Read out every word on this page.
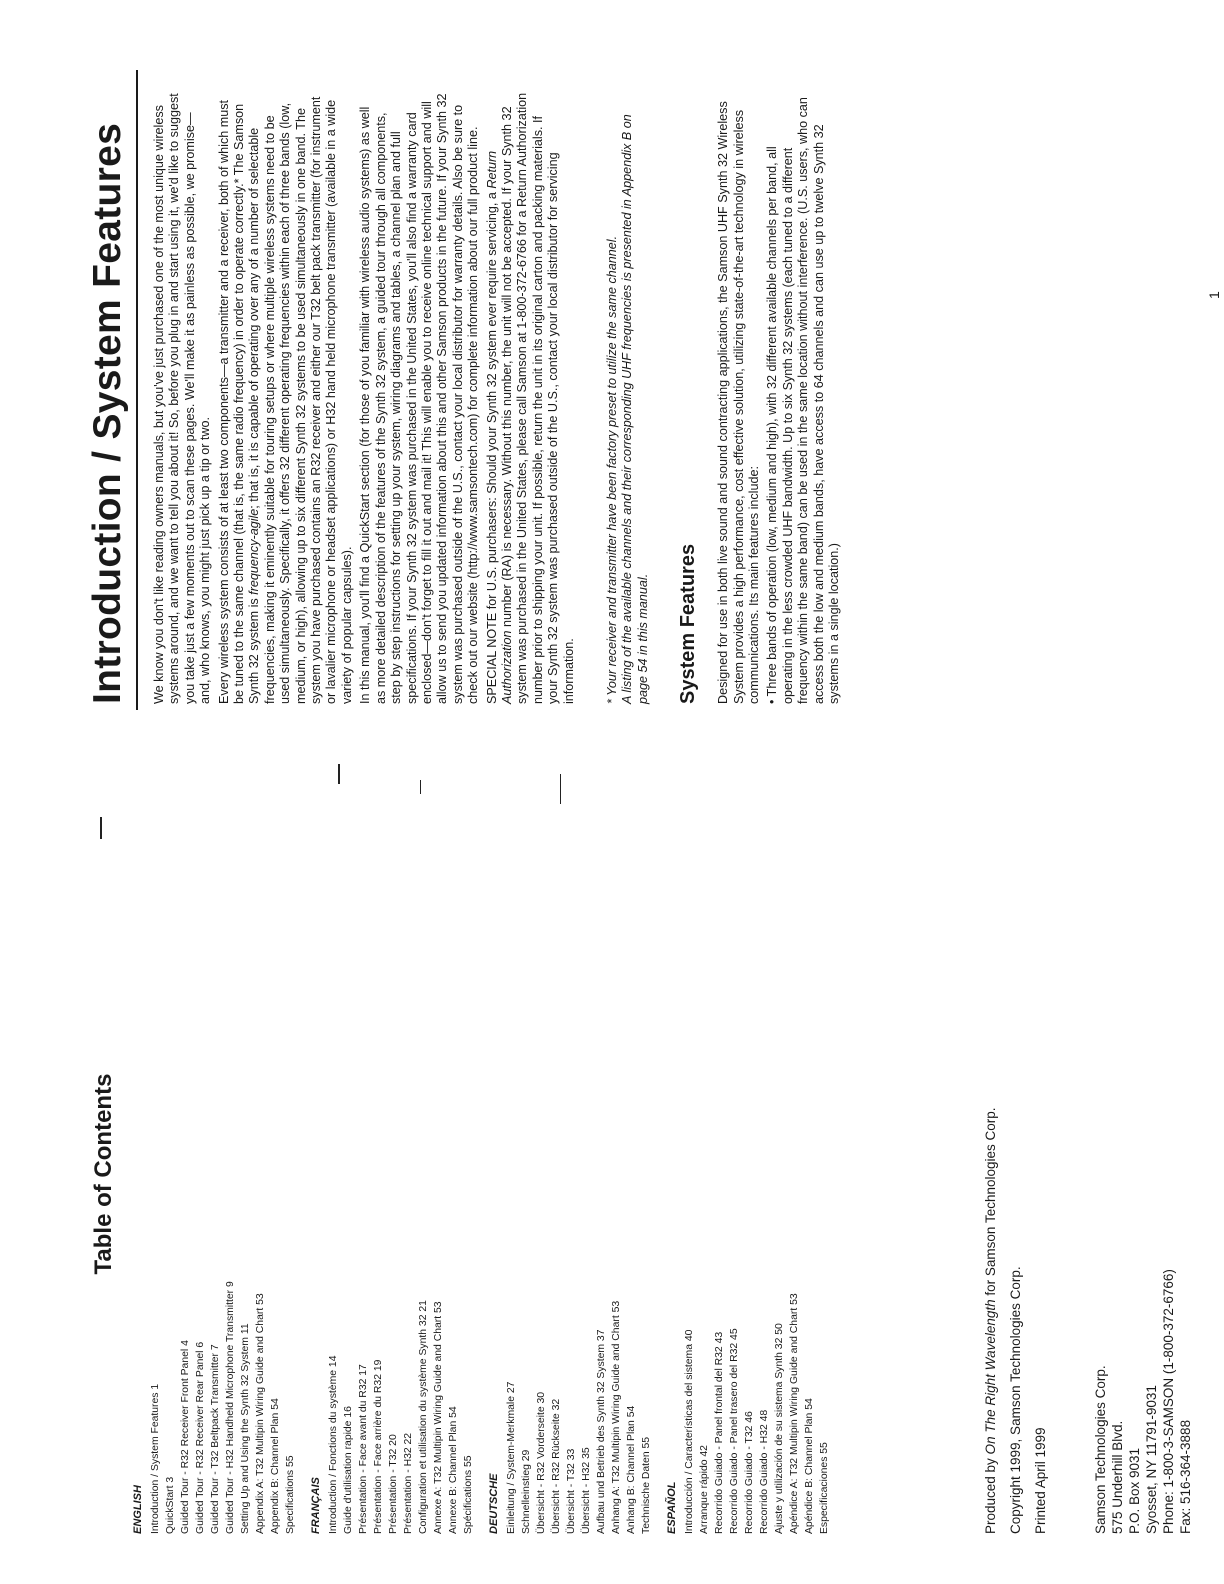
Table of Contents
ENGLISH Introduction / System Features 1 QuickStart 3 Guided Tour - R32 Receiver Front Panel 4 Guided Tour - R32 Receiver Rear Panel 6 Guided Tour - T32 Beltpack Transmitter 7 Guided Tour - H32 Handheld Microphone Transmitter 9 Setting Up and Using the Synth 32 System 11 Appendix A: T32 Multipin Wiring Guide and Chart 53 Appendix B: Channel Plan 54 Specifications 55 FRANÇAIS Introduction / Fonctions du système 14 Guide d'utilisation rapide 16 Présentation - Face avant du R32 17 Présentation - Face arrière du R32 19 Présentation - T32 20 Présentation - H32 22 Configuration et utilisation du système Synth 32 21 Annexe A: T32 Multipin Wiring Guide and Chart 53 Annexe B: Channel Plan 54 Spécifications 55 DEUTSCHE Einleitung / System-Merkmale 27 Schnelleinstieg 29 Übersicht - R32 Vorderseite 30 Übersicht - R32 Rückseite 32 Übersicht - T32 33 Übersicht - H32 35 Aufbau und Betrieb des Synth 32 System 37 Anhang A: T32 Multipin Wiring Guide and Chart 53 Anhang B: Channel Plan 54 Technische Daten 55 ESPAÑOL Introducción / Características del sistema 40 Arranque rápido 42 Recorrido Guiado - Panel frontal del R32 43 Recorrido Guiado - Panel trasero del R32 45 Recorrido Guiado - T32 46 Recorrido Guiado - H32 48 Ajuste y utilización de su sistema Synth 32 50 Apéndice A: T32 Multipin Wiring Guide and Chart 53 Apéndice B: Channel Plan 54 Especificaciones 55	Produced by On The Right Wavelength for Samson Technologies Corp.
Copyright 1999, Samson Technologies Corp. Printed April 1999	Samson Technologies Corp. 575 Underhill Blvd. P.O. Box 9031 Syosset, NY 11791-9031 Phone: 1-800-3-SAMSON (1-800-372-6766) Fax: 516-364-3888
Introduction / System Features We know you don't like reading owners manuals, but you've just purchased one of the most unique wireless systems around, and we want to tell you about it! So, before you plug in and start using it, we'd like to suggest you take just a few moments out to scan these pages. We'll make it as painless as possible, we promise—and, who knows, you might just pick up a tip or two. Every wireless system consists of at least two components—a transmitter and a receiver, both of which must be tuned to the same channel (that is, the same radio frequency) in order to operate correctly.* The Samson Synth 32 system is frequency-agile; that is, it is capable of operating over any of a number of selectable frequencies, making it eminently suitable for touring setups or where multiple wireless systems need to be used simultaneously. Specifically, it offers 32 different operating frequencies within each of three bands (low, medium, or high), allowing up to six different Synth 32 systems to be used simultaneously in one band. The system you have purchased contains an R32 receiver and either our T32 belt pack transmitter (for instrument or lavalier microphone or headset applications) or H32 hand held microphone transmitter (available in a wide variety of popular capsules). In this manual, you'll find a QuickStart section (for those of you familiar with wireless audio systems) as well as more detailed description of the features of the Synth 32 system, a guided tour through all components, step by step instructions for setting up your system, wiring diagrams and tables, a channel plan and full specifications. If your Synth 32 system was purchased in the United States, you'll also find a warranty card enclosed—don't forget to fill it out and mail it! This will enable you to receive online technical support and will allow us to send you updated information about this and other Samson products in the future. If your Synth 32 system was purchased outside of the U.S., contact your local distributor for warranty details. Also be sure to check out our website (http://www.samsontech.com) for complete information about our full product line. SPECIAL NOTE for U.S. purchasers: Should your Synth 32 system ever require servicing, a Return Authorization number (RA) is necessary. Without this number, the unit will not be accepted. If your Synth 32 system was purchased in the United States, please call Samson at 1-800-372-6766 for a Return Authorization number prior to shipping your unit. If possible, return the unit in its original carton and packing materials. If your Synth 32 system was purchased outside of the U.S., contact your local distributor for servicing information. * Your receiver and transmitter have been factory preset to utilize the same channel. A listing of the available channels and their corresponding UHF frequencies is presented in Appendix B on page 54 in this manual. System Features Designed for use in both live sound and sound contracting applications, the Samson UHF Synth 32 Wireless System provides a high performance, cost effective solution, utilizing state-of-the-art technology in wireless communications. Its main features include: • Three bands of operation (low, medium and high), with 32 different available channels per band, all operating in the less crowded UHF bandwidth. Up to six Synth 32 systems (each tuned to a different frequency within the same band) can be used in the same location without interference. (U.S. users, who can access both the low and medium bands, have access to 64 channels and can use up to twelve Synth 32 systems in a single location.)

1
